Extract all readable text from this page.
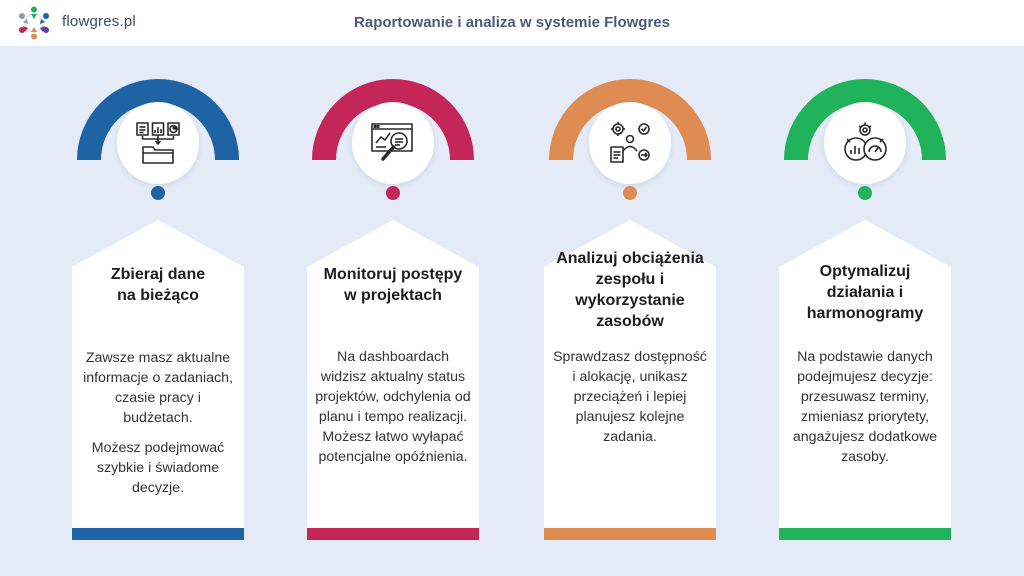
flowgres.pl	Raportowanie i analiza w systemie Flowgres
Zbieraj dane
na bieżąco

Zawsze masz aktualne informacje o zadaniach, czasie pracy i budżetach.

Możesz podejmować szybkie i świadome decyzje.

Monitoruj postępy
w projektach

Na dashboardach widzisz aktualny status projektów, odchylenia od planu i tempo realizacji. Możesz łatwo wyłapać potencjalne opóźnienia.

Analizuj obciążenia zespołu i wykorzystanie zasobów

Sprawdzasz dostępność i alokację, unikasz przeciążeń i lepiej planujesz kolejne zadania.

Optymalizuj działania i harmonogramy

Na podstawie danych podejmujesz decyzje: przesuwasz terminy, zmieniasz priorytety, angażujesz dodatkowe zasoby.
